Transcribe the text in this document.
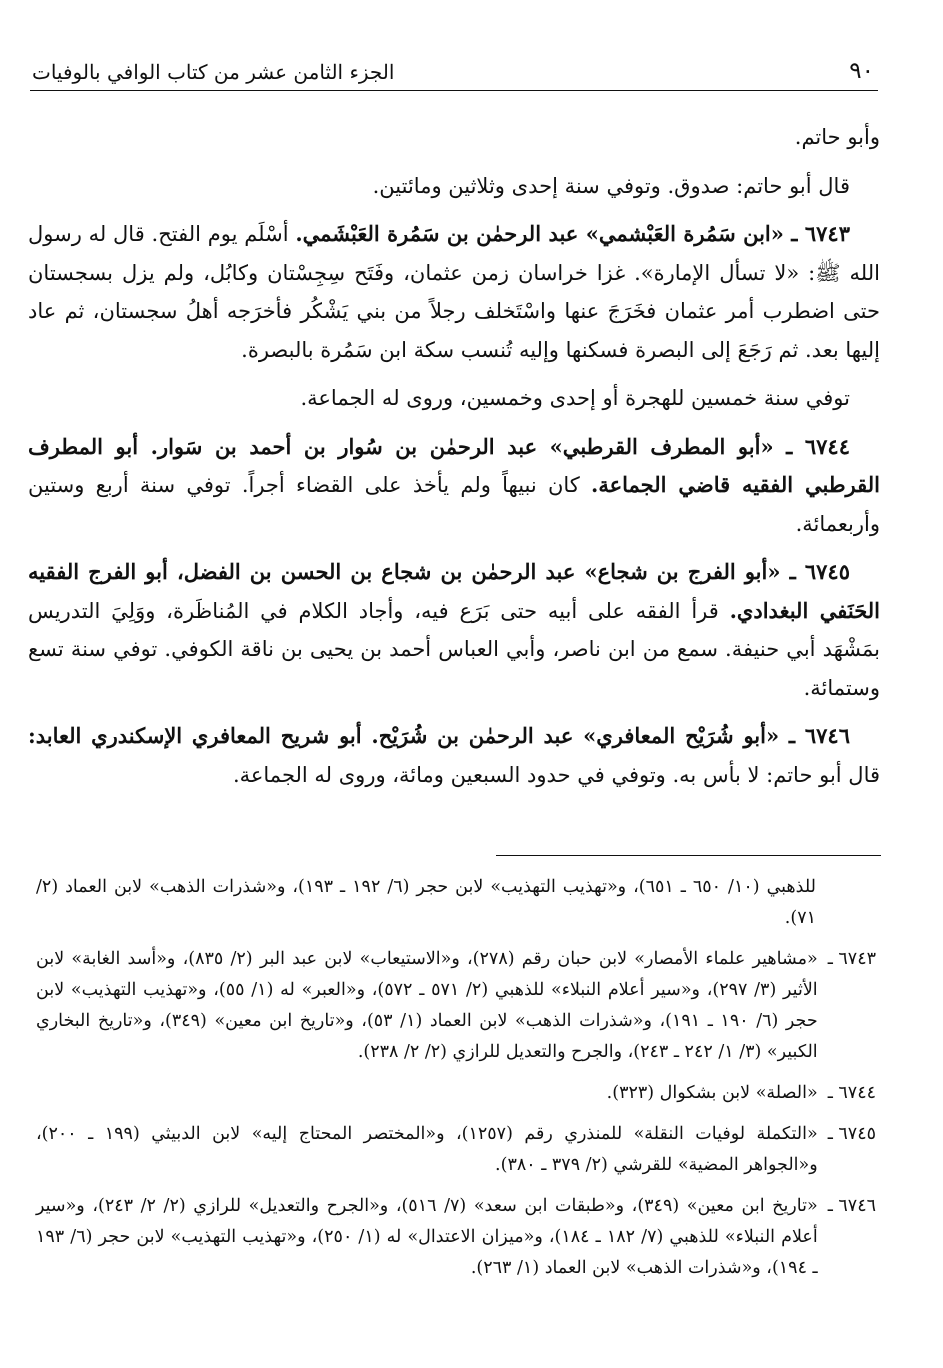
٩٠
الجزء الثامن عشر من كتاب الوافي بالوفيات

وأبو حاتم.

قال أبو حاتم: صدوق. وتوفي سنة إحدى وثلاثين ومائتين.

٦٧٤٣ ـ «ابن سَمُرة العَبْشمي» عبد الرحمٰن بن سَمُرة العَبْشَمي. أسْلَم يوم الفتح. قال له رسول الله ﷺ: «لا تسأل الإمارة». غزا خراسان زمن عثمان، وفَتَح سِجِسْتان وكابُل، ولم يزل بسجستان حتى اضطرب أمر عثمان فخَرَجَ عنها واسْتَخلف رجلاً من بني يَشْكُر فأخرَجه أهلُ سجستان، ثم عاد إليها بعد. ثم رَجَعَ إلى البصرة فسكنها وإليه تُنسب سكة ابن سَمُرة بالبصرة.

توفي سنة خمسين للهجرة أو إحدى وخمسين، وروى له الجماعة.

٦٧٤٤ ـ «أبو المطرف القرطبي» عبد الرحمٰن بن سُوار بن أحمد بن سَوار. أبو المطرف القرطبي الفقيه قاضي الجماعة. كان نبيهاً ولم يأخذ على القضاء أجراً. توفي سنة أربع وستين وأربعمائة.

٦٧٤٥ ـ «أبو الفرج بن شجاع» عبد الرحمٰن بن شجاع بن الحسن بن الفضل، أبو الفرج الفقيه الحَنَفي البغدادي. قرأ الفقه على أبيه حتى بَرَع فيه، وأجاد الكلام في المُناظَرة، ووَلِيَ التدريس بمَشْهَد أبي حنيفة. سمع من ابن ناصر، وأبي العباس أحمد بن يحيى بن ناقة الكوفي. توفي سنة تسع وستمائة.

٦٧٤٦ ـ «أبو شُرَيْح المعافري» عبد الرحمٰن بن شُرَيْح. أبو شريح المعافري الإسكندري العابد: قال أبو حاتم: لا بأس به. وتوفي في حدود السبعين ومائة، وروى له الجماعة.

للذهبي (١٠/ ٦٥٠ ـ ٦٥١)، و«تهذيب التهذيب» لابن حجر (٦/ ١٩٢ ـ ١٩٣)، و«شذرات الذهب» لابن العماد (٢/ ٧١).
٦٧٤٣ ـ
«مشاهير علماء الأمصار» لابن حبان رقم (٢٧٨)، و«الاستيعاب» لابن عبد البر (٢/ ٨٣٥)، و«أسد الغابة» لابن الأثير (٣/ ٢٩٧)، و«سير أعلام النبلاء» للذهبي (٢/ ٥٧١ ـ ٥٧٢)، و«العبر» له (١/ ٥٥)، و«تهذيب التهذيب» لابن حجر (٦/ ١٩٠ ـ ١٩١)، و«شذرات الذهب» لابن العماد (١/ ٥٣)، و«تاريخ ابن معين» (٣٤٩)، و«تاريخ البخاري الكبير» (٣/ ١/ ٢٤٢ ـ ٢٤٣)، والجرح والتعديل للرازي (٢/ ٢/ ٢٣٨).
٦٧٤٤ ـ
«الصلة» لابن بشكوال (٣٢٣).
٦٧٤٥ ـ
«التكملة لوفيات النقلة» للمنذري رقم (١٢٥٧)، و«المختصر المحتاج إليه» لابن الدبيثي (١٩٩ ـ ٢٠٠)، و«الجواهر المضية» للقرشي (٢/ ٣٧٩ ـ ٣٨٠).
٦٧٤٦ ـ
«تاريخ ابن معين» (٣٤٩)، و«طبقات ابن سعد» (٧/ ٥١٦)، و«الجرح والتعديل» للرازي (٢/ ٢/ ٢٤٣)، و«سير أعلام النبلاء» للذهبي (٧/ ١٨٢ ـ ١٨٤)، و«ميزان الاعتدال» له (١/ ٢٥٠)، و«تهذيب التهذيب» لابن حجر (٦/ ١٩٣ ـ ١٩٤)، و«شذرات الذهب» لابن العماد (١/ ٢٦٣).
